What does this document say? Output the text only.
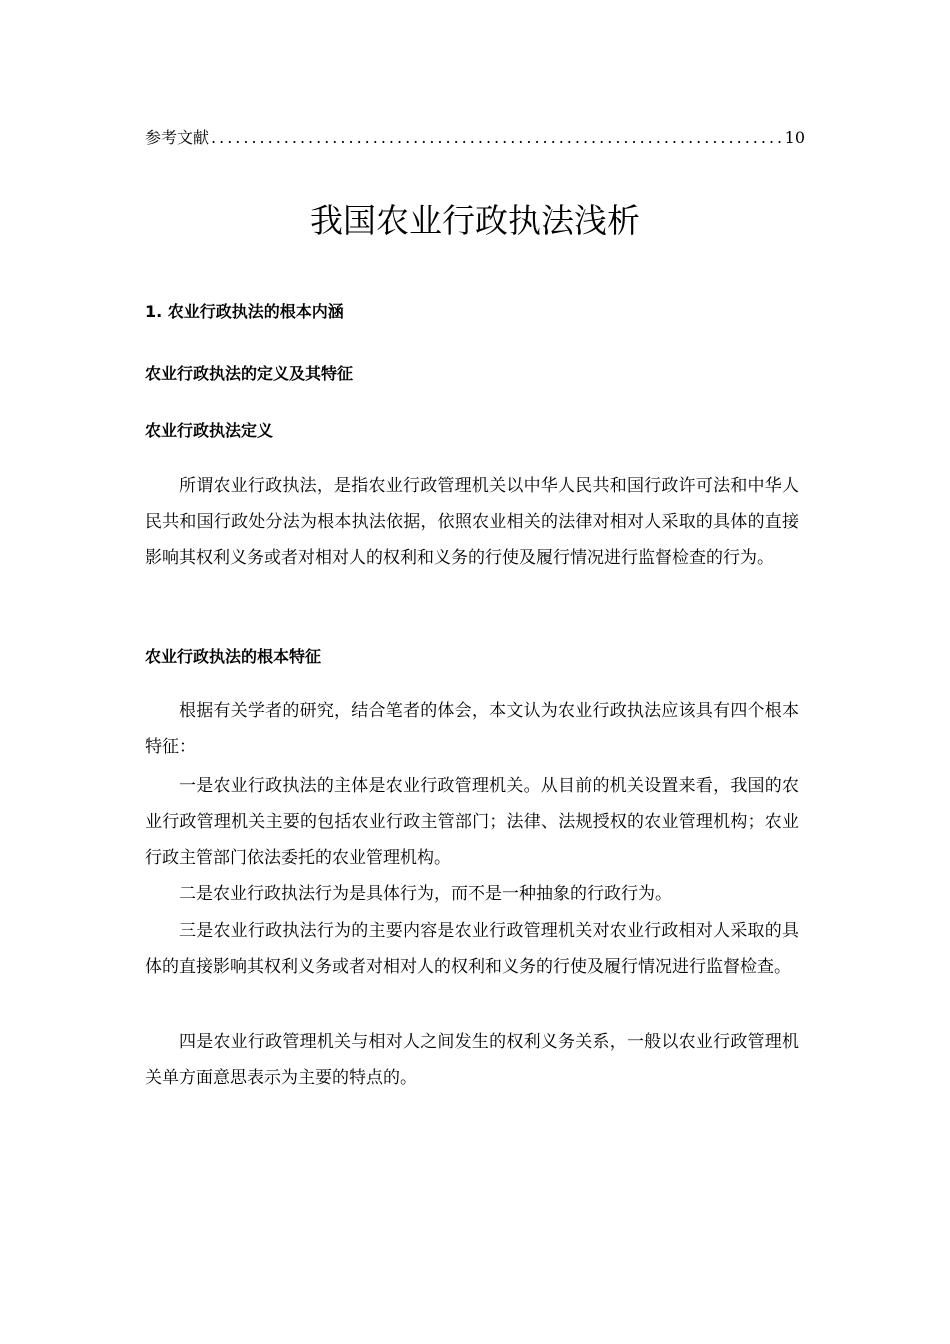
参考文献
.....	10
我国农业行政执法浅析
1. 农业行政执法的根本内涵
农业行政执法的定义及其特征
农业行政执法定义

所谓农业行政执法，是指农业行政管理机关以中华人民共和国行政许可法和中华人民共和国行政处分法为根本执法依据，依照农业相关的法律对相对人采取的具体的直接影响其权利义务或者对相对人的权利和义务的行使及履行情况进行监督检查的行为。

农业行政执法的根本特征

根据有关学者的研究，结合笔者的体会，本文认为农业行政执法应该具有四个根本特征：

一是农业行政执法的主体是农业行政管理机关。从目前的机关设置来看，我国的农业行政管理机关主要的包括农业行政主管部门；法律、法规授权的农业管理机构；农业行政主管部门依法委托的农业管理机构。

二是农业行政执法行为是具体行为，而不是一种抽象的行政行为。

三是农业行政执法行为的主要内容是农业行政管理机关对农业行政相对人采取的具体的直接影响其权利义务或者对相对人的权利和义务的行使及履行情况进行监督检查。

四是农业行政管理机关与相对人之间发生的权利义务关系，一般以农业行政管理机关单方面意思表示为主要的特点的。
